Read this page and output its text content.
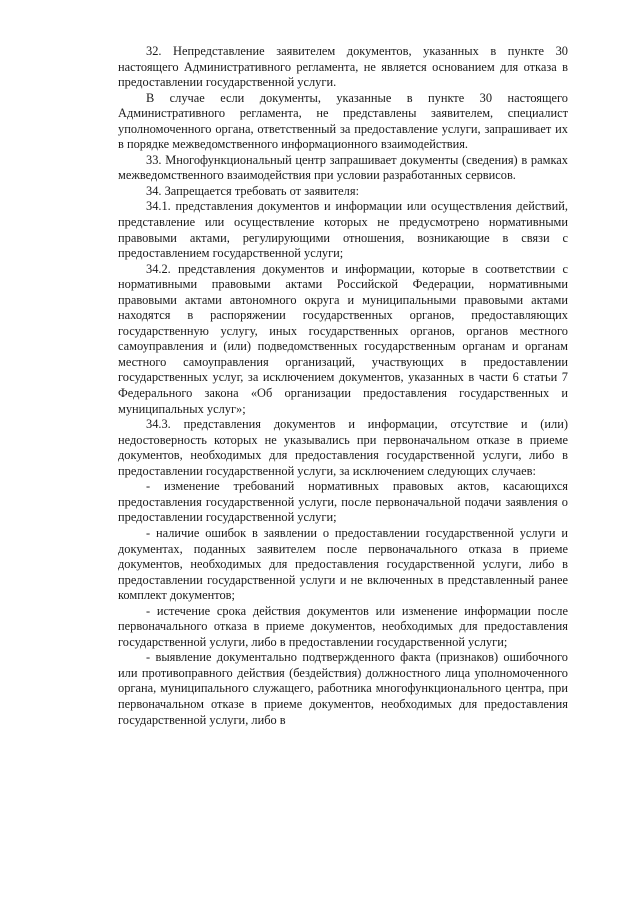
32. Непредставление заявителем документов, указанных в пункте 30 настоящего Административного регламента, не является основанием для отказа в предоставлении государственной услуги.

В случае если документы, указанные в пункте 30 настоящего Административного регламента, не представлены заявителем, специалист уполномоченного органа, ответственный за предоставление услуги, запрашивает их в порядке межведомственного информационного взаимодействия.

33. Многофункциональный центр запрашивает документы (сведения) в рамках межведомственного взаимодействия при условии разработанных сервисов.

34. Запрещается требовать от заявителя:

34.1. представления документов и информации или осуществления действий, представление или осуществление которых не предусмотрено нормативными правовыми актами, регулирующими отношения, возникающие в связи с предоставлением государственной услуги;

34.2. представления документов и информации, которые в соответствии с нормативными правовыми актами Российской Федерации, нормативными правовыми актами автономного округа и муниципальными правовыми актами находятся в распоряжении государственных органов, предоставляющих государственную услугу, иных государственных органов, органов местного самоуправления и (или) подведомственных государственным органам и органам местного самоуправления организаций, участвующих в предоставлении государственных услуг, за исключением документов, указанных в части 6 статьи 7 Федерального закона «Об организации предоставления государственных и муниципальных услуг»;

34.3. представления документов и информации, отсутствие и (или) недостоверность которых не указывались при первоначальном отказе в приеме документов, необходимых для предоставления государственной услуги, либо в предоставлении государственной услуги, за исключением следующих случаев:

- изменение требований нормативных правовых актов, касающихся предоставления государственной услуги, после первоначальной подачи заявления о предоставлении государственной услуги;

- наличие ошибок в заявлении о предоставлении государственной услуги и документах, поданных заявителем после первоначального отказа в приеме документов, необходимых для предоставления государственной услуги, либо в предоставлении государственной услуги и не включенных в представленный ранее комплект документов;

- истечение срока действия документов или изменение информации после первоначального отказа в приеме документов, необходимых для предоставления государственной услуги, либо в предоставлении государственной услуги;

- выявление документально подтвержденного факта (признаков) ошибочного или противоправного действия (бездействия) должностного лица уполномоченного органа, муниципального служащего, работника многофункционального центра, при первоначальном отказе в приеме документов, необходимых для предоставления государственной услуги, либо в
